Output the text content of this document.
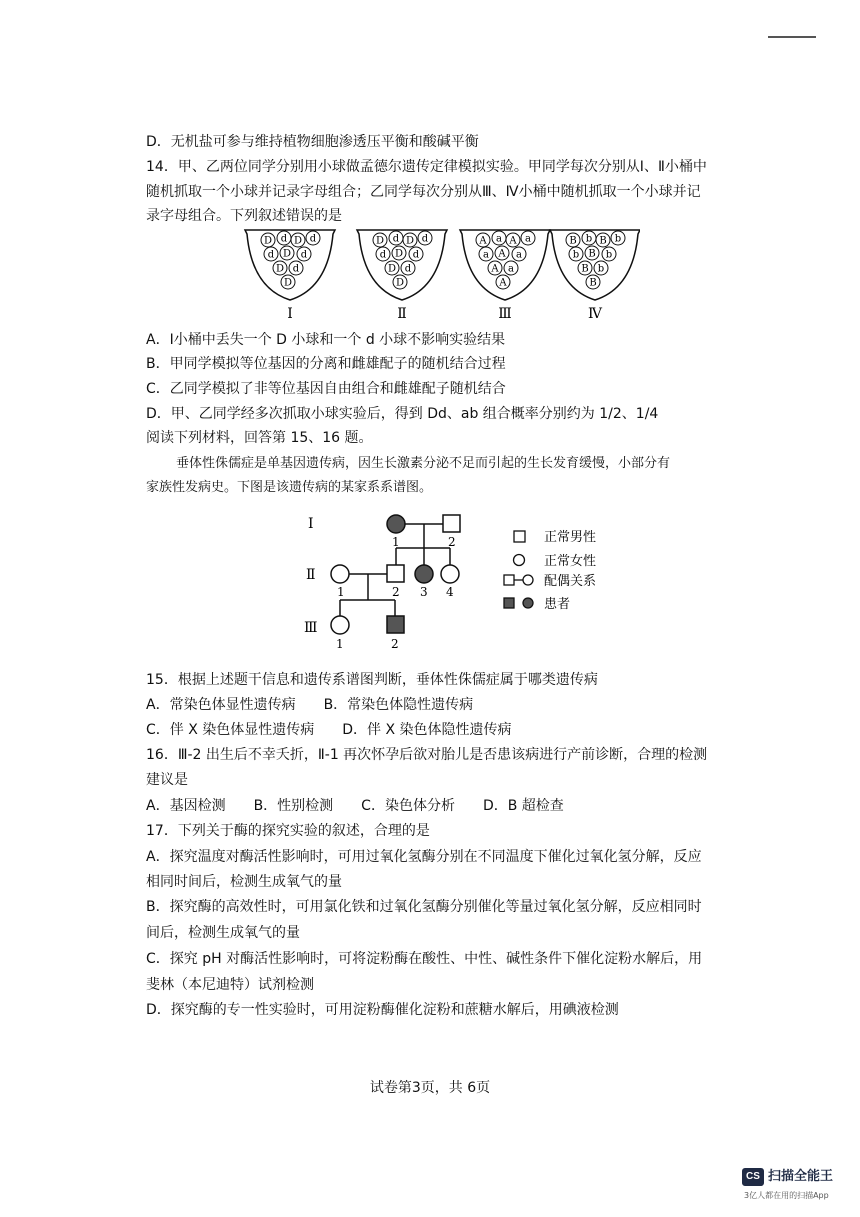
D．无机盐可参与维持植物细胞渗透压平衡和酸碱平衡
14．甲、乙两位同学分别用小球做孟德尔遗传定律模拟实验。甲同学每次分别从Ⅰ、Ⅱ小桶中
随机抓取一个小球并记录字母组合；乙同学每次分别从Ⅲ、Ⅳ小桶中随机抓取一个小球并记
录字母组合。下列叙述错误的是
D d D d
d D d
D d
D
Ⅰ
D d D d
d D d
D d
D
Ⅱ
A a A a
a A a
A a
A
Ⅲ
B b B b
b B b
B b
B
Ⅳ
A．Ⅰ小桶中丢失一个 D 小球和一个 d 小球不影响实验结果
B．甲同学模拟等位基因的分离和雌雄配子的随机结合过程
C．乙同学模拟了非等位基因自由组合和雌雄配子随机结合
D．甲、乙同学经多次抓取小球实验后，得到 Dd、ab 组合概率分别约为 1/2、1/4
阅读下列材料，回答第 15、16 题。
垂体性侏儒症是单基因遗传病，因生长激素分泌不足而引起的生长发育缓慢，小部分有
家族性发病史。下图是该遗传病的某家系系谱图。
Ⅰ
Ⅱ
Ⅲ
1	2
1	2 3 4
1	2
正常男性
正常女性
配偶关系
患者
15．根据上述题干信息和遗传系谱图判断，垂体性侏儒症属于哪类遗传病
A．常染色体显性遗传病　　B．常染色体隐性遗传病
C．伴 X 染色体显性遗传病　　D．伴 X 染色体隐性遗传病
16．Ⅲ-2 出生后不幸夭折，Ⅱ-1 再次怀孕后欲对胎儿是否患该病进行产前诊断，合理的检测
建议是
A．基因检测　　B．性别检测　　C．染色体分析　　D．B 超检查
17．下列关于酶的探究实验的叙述，合理的是
A．探究温度对酶活性影响时，可用过氧化氢酶分别在不同温度下催化过氧化氢分解，反应
相同时间后，检测生成氧气的量
B．探究酶的高效性时，可用氯化铁和过氧化氢酶分别催化等量过氧化氢分解，反应相同时
间后，检测生成氧气的量
C．探究 pH 对酶活性影响时，可将淀粉酶在酸性、中性、碱性条件下催化淀粉水解后，用
斐林（本尼迪特）试剂检测
D．探究酶的专一性实验时，可用淀粉酶催化淀粉和蔗糖水解后，用碘液检测
试卷第3页，共 6页
CS 扫描全能王
3亿人都在用的扫描App
